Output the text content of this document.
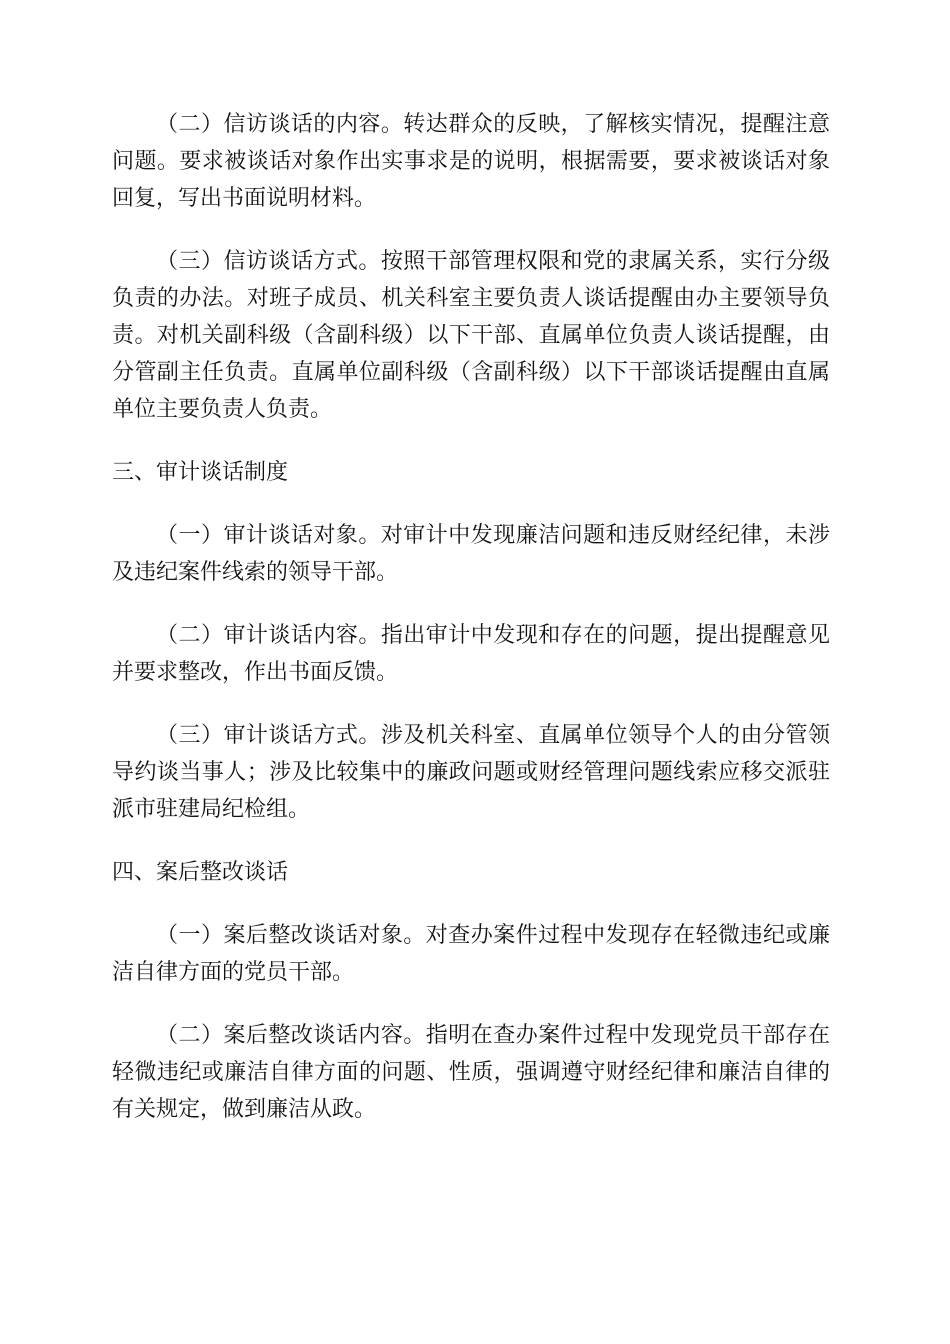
（二）信访谈话的内容。转达群众的反映，了解核实情况，提醒注意问题。要求被谈话对象作出实事求是的说明，根据需要，要求被谈话对象回复，写出书面说明材料。

（三）信访谈话方式。按照干部管理权限和党的隶属关系，实行分级负责的办法。对班子成员、机关科室主要负责人谈话提醒由办主要领导负责。对机关副科级（含副科级）以下干部、直属单位负责人谈话提醒，由分管副主任负责。直属单位副科级（含副科级）以下干部谈话提醒由直属单位主要负责人负责。

三、审计谈话制度

（一）审计谈话对象。对审计中发现廉洁问题和违反财经纪律，未涉及违纪案件线索的领导干部。

（二）审计谈话内容。指出审计中发现和存在的问题，提出提醒意见并要求整改，作出书面反馈。

（三）审计谈话方式。涉及机关科室、直属单位领导个人的由分管领导约谈当事人；涉及比较集中的廉政问题或财经管理问题线索应移交派驻派市驻建局纪检组。

四、案后整改谈话

（一）案后整改谈话对象。对查办案件过程中发现存在轻微违纪或廉洁自律方面的党员干部。

（二）案后整改谈话内容。指明在查办案件过程中发现党员干部存在轻微违纪或廉洁自律方面的问题、性质，强调遵守财经纪律和廉洁自律的有关规定，做到廉洁从政。
